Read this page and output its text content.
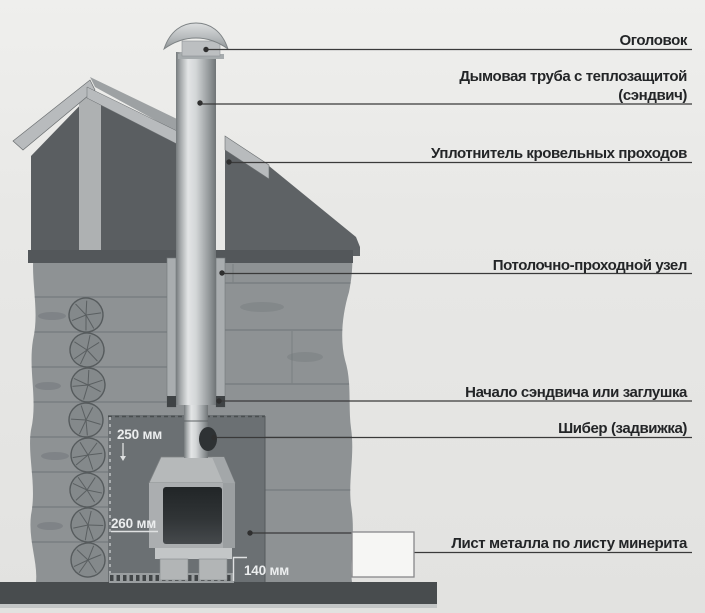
Оголовок
Дымовая труба с теплозащитой
(сэндвич)
Уплотнитель кровельных проходов
Потолочно-проходной узел
Начало сэндвича или заглушка
Шибер (задвижка)
Лист металла по листу минерита
250 мм
260 мм
140 мм
